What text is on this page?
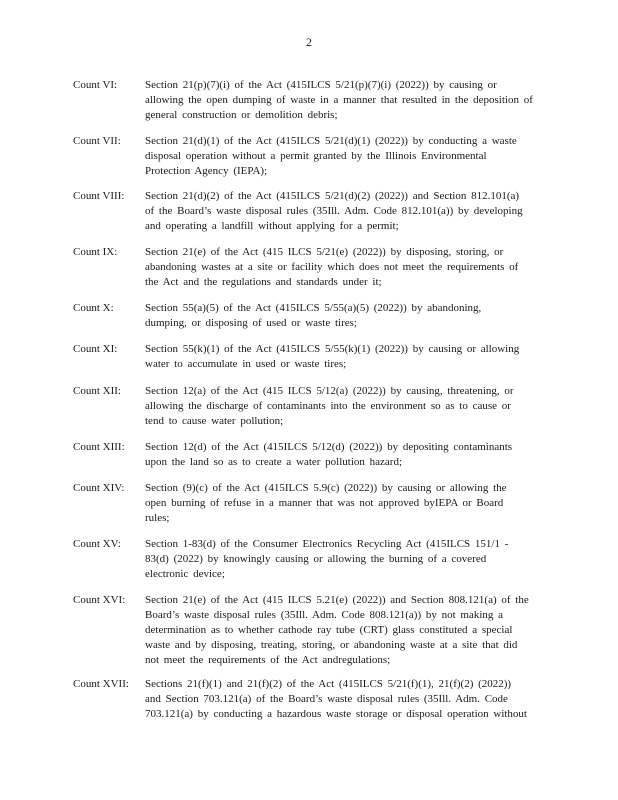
2
Count VI:	Section 21(p)(7)(i) of the Act (415ILCS 5/21(p)(7)(i) (2022)) by causing or
allowing the open dumping of waste in a manner that resulted in the deposition of
general construction or demolition debris;
Count VII: Section 21(d)(1) of the Act (415ILCS 5/21(d)(1) (2022)) by conducting a waste
disposal operation without a permit granted by the Illinois Environmental
Protection Agency (IEPA);
Count VIII: Section 21(d)(2) of the Act (415ILCS 5/21(d)(2) (2022)) and Section 812.101(a)
of the Board’s waste disposal rules (35Ill. Adm. Code 812.101(a)) by developing
and operating a landfill without applying for a permit;
Count IX:	Section 21(e) of the Act (415 ILCS 5/21(e) (2022)) by disposing, storing, or
abandoning wastes at a site or facility which does not meet the requirements of
the Act and the regulations and standards under it;
Count X:	Section 55(a)(5) of the Act (415ILCS 5/55(a)(5) (2022)) by abandoning,
dumping, or disposing of used or waste tires;
Count XI:	Section 55(k)(1) of the Act (415ILCS 5/55(k)(1) (2022)) by causing or allowing
water to accumulate in used or waste tires;
Count XII: Section 12(a) of the Act (415 ILCS 5/12(a) (2022)) by causing, threatening, or
allowing the discharge of contaminants into the environment so as to cause or
tend to cause water pollution;
Count XIII: Section 12(d) of the Act (415ILCS 5/12(d) (2022)) by depositing contaminants
upon the land so as to create a water pollution hazard;
Count XIV: Section (9)(c) of the Act (415ILCS 5.9(c) (2022)) by causing or allowing the
open burning of refuse in a manner that was not approved byIEPA or Board
rules;
Count XV: Section 1-83(d) of the Consumer Electronics Recycling Act (415ILCS 151/1 -
83(d) (2022) by knowingly causing or allowing the burning of a covered
electronic device;
Count XVI: Section 21(e) of the Act (415 ILCS 5.21(e) (2022)) and Section 808.121(a) of the
Board’s waste disposal rules (35Ill. Adm. Code 808.121(a)) by not making a
determination as to whether cathode ray tube (CRT) glass constituted a special
waste and by disposing, treating, storing, or abandoning waste at a site that did
not meet the requirements of the Act andregulations;
Count XVII: Sections 21(f)(1) and 21(f)(2) of the Act (415ILCS 5/21(f)(1), 21(f)(2) (2022))
and Section 703.121(a) of the Board’s waste disposal rules (35Ill. Adm. Code
703.121(a) by conducting a hazardous waste storage or disposal operation without
